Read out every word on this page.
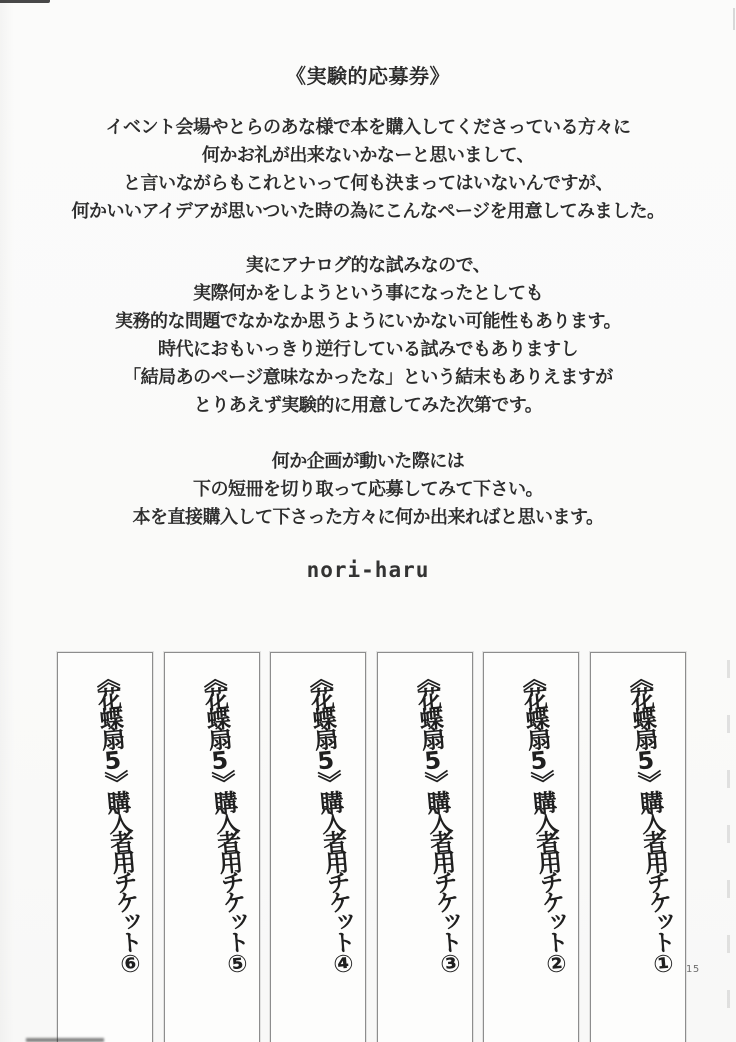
《実験的応募券》
イベント会場やとらのあな様で本を購入してくださっている方々に
何かお礼が出来ないかなーと思いまして、
と言いながらもこれといって何も決まってはいないんですが、
何かいいアイデアが思いついた時の為にこんなページを用意してみました。
実にアナログ的な試みなので、
実際何かをしようという事になったとしても
実務的な問題でなかなか思うようにいかない可能性もあります。
時代におもいっきり逆行している試みでもありますし
「結局あのページ意味なかったな」という結末もありえますが
とりあえず実験的に用意してみた次第です。
何か企画が動いた際には
下の短冊を切り取って応募してみて下さい。
本を直接購入して下さった方々に何か出来ればと思います。
nori-haru
《花蝶扇5》購入者用チケット⑥ 《花蝶扇5》購入者用チケット⑤ 《花蝶扇5》購入者用チケット④ 《花蝶扇5》購入者用チケット③ 《花蝶扇5》購入者用チケット② 《花蝶扇5》購入者用チケット① 15
